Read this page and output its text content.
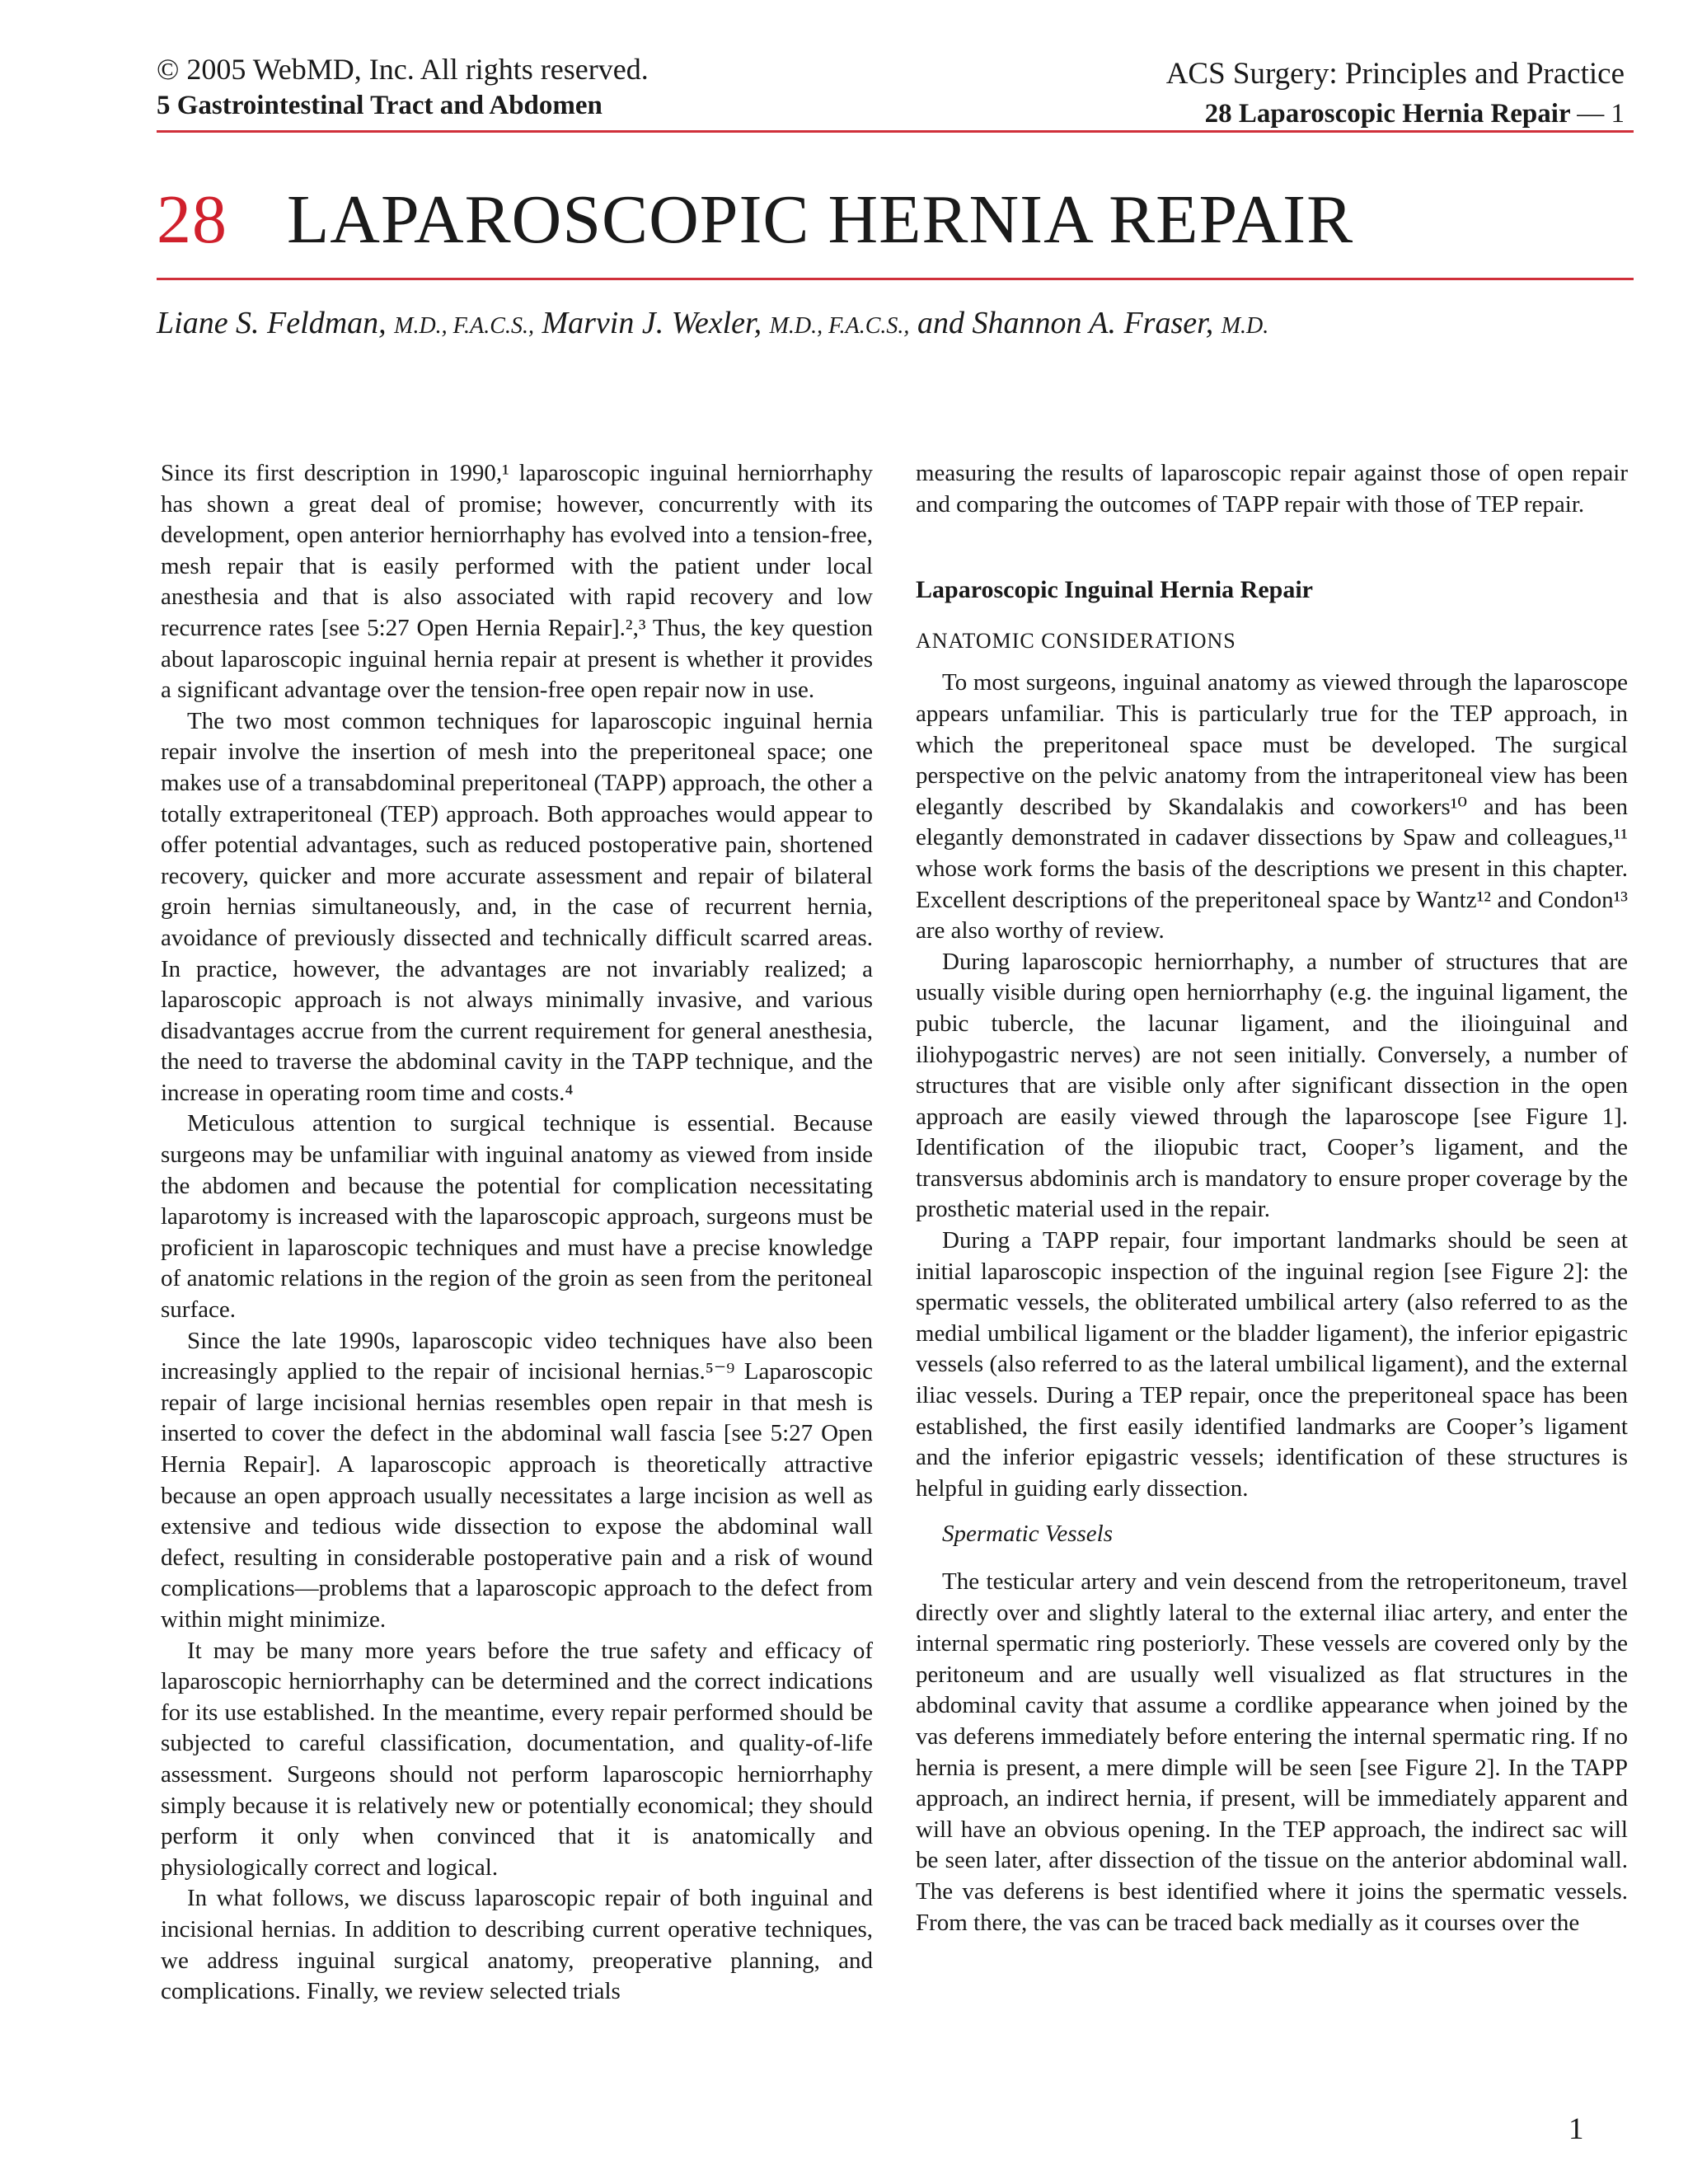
© 2005 WebMD, Inc. All rights reserved.
5 Gastrointestinal Tract and Abdomen
ACS Surgery: Principles and Practice
28 Laparoscopic Hernia Repair — 1
28 LAPAROSCOPIC HERNIA REPAIR
Liane S. Feldman, M.D., F.A.C.S., Marvin J. Wexler, M.D., F.A.C.S., and Shannon A. Fraser, M.D.

Since its first description in 1990,¹ laparoscopic inguinal herniorrhaphy has shown a great deal of promise; however, concurrently with its development, open anterior herniorrhaphy has evolved into a tension-free, mesh repair that is easily performed with the patient under local anesthesia and that is also associated with rapid recovery and low recurrence rates [see 5:27 Open Hernia Repair].²,³ Thus, the key question about laparoscopic inguinal hernia repair at present is whether it provides a significant advantage over the tension-free open repair now in use.

The two most common techniques for laparoscopic inguinal hernia repair involve the insertion of mesh into the preperitoneal space; one makes use of a transabdominal preperitoneal (TAPP) approach, the other a totally extraperitoneal (TEP) approach. Both approaches would appear to offer potential advantages, such as reduced postoperative pain, shortened recovery, quicker and more accurate assessment and repair of bilateral groin hernias simultaneously, and, in the case of recurrent hernia, avoidance of previously dissected and technically difficult scarred areas. In practice, however, the advantages are not invariably realized; a laparoscopic approach is not always minimally invasive, and various disadvantages accrue from the current requirement for general anesthesia, the need to traverse the abdominal cavity in the TAPP technique, and the increase in operating room time and costs.⁴

Meticulous attention to surgical technique is essential. Because surgeons may be unfamiliar with inguinal anatomy as viewed from inside the abdomen and because the potential for complication necessitating laparotomy is increased with the laparoscopic approach, surgeons must be proficient in laparoscopic techniques and must have a precise knowledge of anatomic relations in the region of the groin as seen from the peritoneal surface.

Since the late 1990s, laparoscopic video techniques have also been increasingly applied to the repair of incisional hernias.⁵⁻⁹ Laparoscopic repair of large incisional hernias resembles open repair in that mesh is inserted to cover the defect in the abdominal wall fascia [see 5:27 Open Hernia Repair]. A laparoscopic approach is theoretically attractive because an open approach usually necessitates a large incision as well as extensive and tedious wide dissection to expose the abdominal wall defect, resulting in considerable postoperative pain and a risk of wound complications—problems that a laparoscopic approach to the defect from within might minimize.

It may be many more years before the true safety and efficacy of laparoscopic herniorrhaphy can be determined and the correct indications for its use established. In the meantime, every repair performed should be subjected to careful classification, documentation, and quality-of-life assessment. Surgeons should not perform laparoscopic herniorrhaphy simply because it is relatively new or potentially economical; they should perform it only when convinced that it is anatomically and physiologically correct and logical.

In what follows, we discuss laparoscopic repair of both inguinal and incisional hernias. In addition to describing current operative techniques, we address inguinal surgical anatomy, preoperative planning, and complications. Finally, we review selected trials

measuring the results of laparoscopic repair against those of open repair and comparing the outcomes of TAPP repair with those of TEP repair.

Laparoscopic Inguinal Hernia Repair

ANATOMIC CONSIDERATIONS

To most surgeons, inguinal anatomy as viewed through the laparoscope appears unfamiliar. This is particularly true for the TEP approach, in which the preperitoneal space must be developed. The surgical perspective on the pelvic anatomy from the intraperitoneal view has been elegantly described by Skandalakis and coworkers¹⁰ and has been elegantly demonstrated in cadaver dissections by Spaw and colleagues,¹¹ whose work forms the basis of the descriptions we present in this chapter. Excellent descriptions of the preperitoneal space by Wantz¹² and Condon¹³ are also worthy of review.

During laparoscopic herniorrhaphy, a number of structures that are usually visible during open herniorrhaphy (e.g. the inguinal ligament, the pubic tubercle, the lacunar ligament, and the ilioinguinal and iliohypogastric nerves) are not seen initially. Conversely, a number of structures that are visible only after significant dissection in the open approach are easily viewed through the laparoscope [see Figure 1]. Identification of the iliopubic tract, Cooper’s ligament, and the transversus abdominis arch is mandatory to ensure proper coverage by the prosthetic material used in the repair.

During a TAPP repair, four important landmarks should be seen at initial laparoscopic inspection of the inguinal region [see Figure 2]: the spermatic vessels, the obliterated umbilical artery (also referred to as the medial umbilical ligament or the bladder ligament), the inferior epigastric vessels (also referred to as the lateral umbilical ligament), and the external iliac vessels. During a TEP repair, once the preperitoneal space has been established, the first easily identified landmarks are Cooper’s ligament and the inferior epigastric vessels; identification of these structures is helpful in guiding early dissection.

Spermatic Vessels

The testicular artery and vein descend from the retroperitoneum, travel directly over and slightly lateral to the external iliac artery, and enter the internal spermatic ring posteriorly. These vessels are covered only by the peritoneum and are usually well visualized as flat structures in the abdominal cavity that assume a cordlike appearance when joined by the vas deferens immediately before entering the internal spermatic ring. If no hernia is present, a mere dimple will be seen [see Figure 2]. In the TAPP approach, an indirect hernia, if present, will be immediately apparent and will have an obvious opening. In the TEP approach, the indirect sac will be seen later, after dissection of the tissue on the anterior abdominal wall. The vas deferens is best identified where it joins the spermatic vessels. From there, the vas can be traced back medially as it courses over the

1
